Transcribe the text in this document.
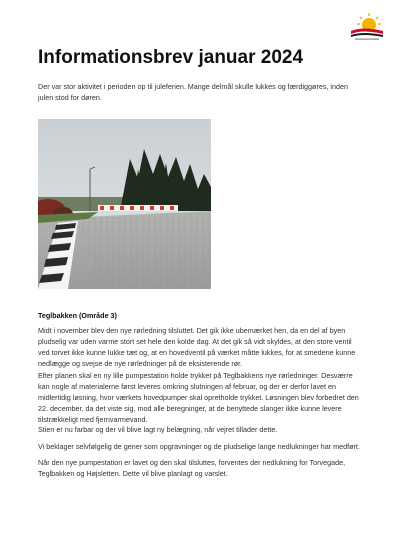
Informationsbrev januar 2024

Der var stor aktivitet i perioden op til juleferien. Mange delmål skulle lukkes og færdiggøres, inden julen stod for døren.

Teglbakken (Område 3)

Midt i november blev den nye rørledning tilsluttet. Det gik ikke ubemærket hen, da en del af byen pludselig var uden varme stort set hele den kolde dag. At det gik så vidt skyldes, at den store ventil ved torvet ikke kunne lukke tæt og, at en hovedventil på værket måtte lukkes, for at smedene kunne nedlægge og svejse de nye rørledninger på de eksisterende rør.

Efter planen skal en ny lille pumpestation holde trykket på Teglbakkens nye rørledninger. Desværre kan nogle af materialerne først leveres omkring slutningen af februar, og der er derfor lavet en midlertidig løsning, hvor værkets hovedpumper skal opretholde trykket. Løsningen blev forbedret den 22. december, da det viste sig, mod alle beregninger, at de benyttede slanger ikke kunne levere tilstrækkeligt med fjernvarmevand.

Stien er nu farbar og der vil blive lagt ny belægning, når vejret tillader dette.

Vi beklager selvfølgelig de gener som opgravninger og de pludselige lange nedlukninger har medført.

Når den nye pumpestation er lavet og den skal tilsluttes, forventes der nedlukning for Torvegade, Teglbakken og Højsletten. Dette vil blive planlagt og varslet.
